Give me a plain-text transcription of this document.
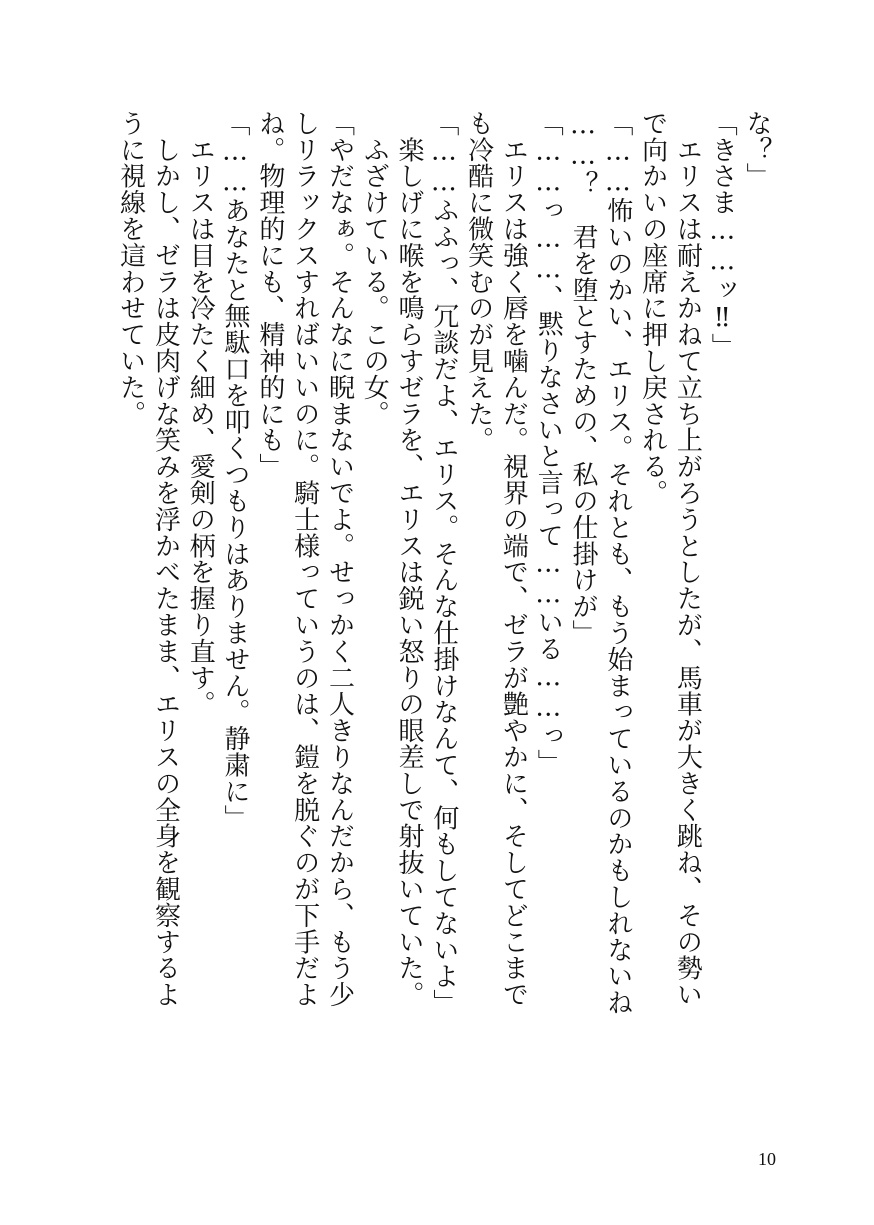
な？」
「きさま……ッ‼」
　エリスは耐えかねて立ち上がろうとしたが、馬車が大きく跳ね、その勢い
で向かいの座席に押し戻される。
「……怖いのかい、エリス。それとも、もう始まっているのかもしれないね
……？　君を堕とすための、私の仕掛けが」
「……っ……、黙りなさいと言って……いる……っ」
　エリスは強く唇を噛んだ。視界の端で、ゼラが艶やかに、そしてどこまで
も冷酷に微笑むのが見えた。
「……ふふっ、冗談だよ、エリス。そんな仕掛けなんて、何もしてないよ」
　楽しげに喉を鳴らすゼラを、エリスは鋭い怒りの眼差しで射抜いていた。
　ふざけている。この女。
「やだなぁ。そんなに睨まないでよ。せっかく二人きりなんだから、もう少
しリラックスすればいいのに。騎士様っていうのは、鎧を脱ぐのが下手だよ
ね。物理的にも、精神的にも」
「……あなたと無駄口を叩くつもりはありません。静粛に」
　エリスは目を冷たく細め、愛剣の柄を握り直す。
　しかし、ゼラは皮肉げな笑みを浮かべたまま、エリスの全身を観察するよ
うに視線を這わせていた。
10
